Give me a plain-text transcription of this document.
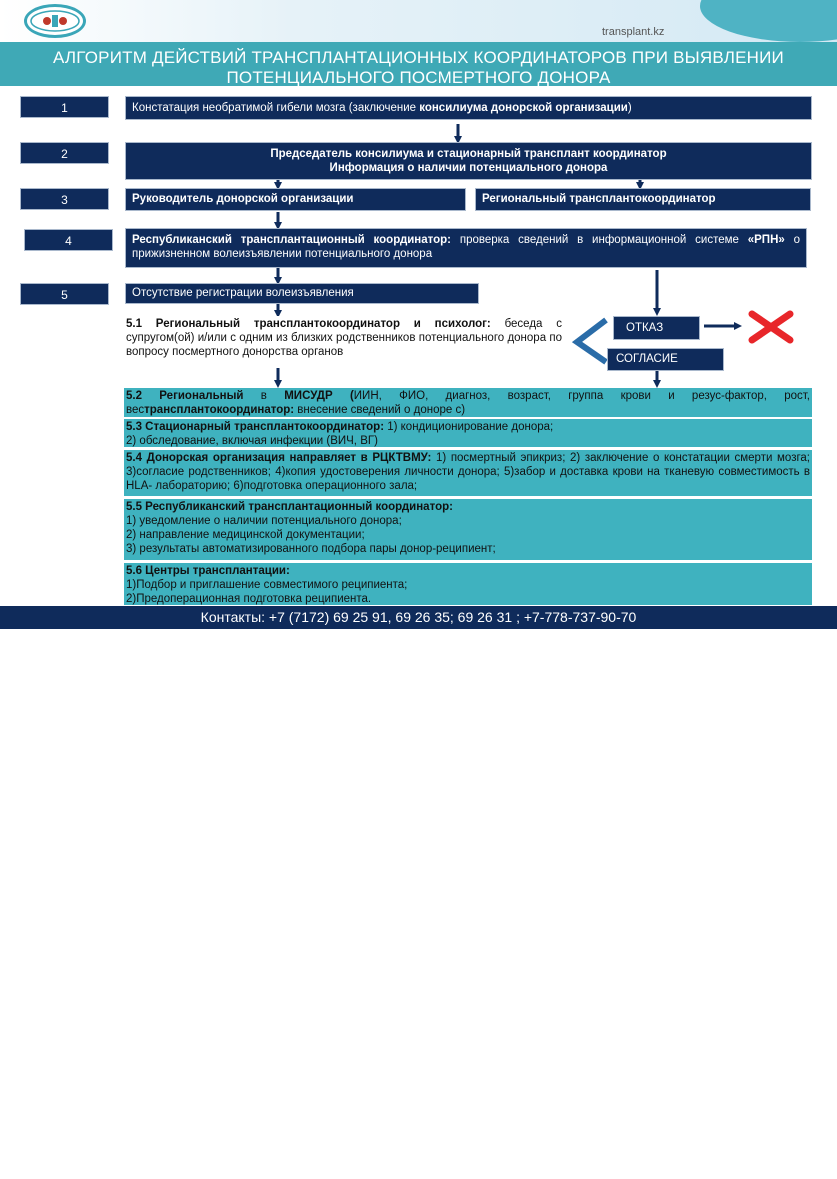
transplant.kz
АЛГОРИТМ ДЕЙСТВИЙ ТРАНСПЛАНТАЦИОННЫХ КООРДИНАТОРОВ ПРИ ВЫЯВЛЕНИИ ПОТЕНЦИАЛЬНОГО ПОСМЕРТНОГО ДОНОРА
1	Констатация необратимой гибели мозга (заключение консилиума донорской организации)
2	Председатель консилиума и стационарный трансплант координатор
Информация о наличии потенциального донора
3	Руководитель донорской организации	Региональный трансплантокоординатор
4	Республиканский трансплантационный координатор: проверка сведений в информационной системе «РПН» о прижизненном волеизъявлении потенциального донора
5	Отсутствие регистрации волеизъявления
5.1 Региональный трансплантокоординатор и психолог: беседа с супругом(ой) и/или с одним из близких родственников потенциального донора по вопросу посмертного донорства органов
ОТКАЗ
СОГЛАСИЕ
5.2 Региональный в МИСУДР (ИИН, ФИО, диагноз, возраст, группа крови и резус-фактор, рост, вестрансплантокоординатор: внесение сведений о доноре с)
5.3 Стационарный трансплантокоординатор: 1) кондиционирование донора;
2) обследование, включая инфекции (ВИЧ, ВГ)
5.4 Донорская организация направляет в РЦКТВМУ: 1) посмертный эпикриз; 2) заключение о констатации смерти мозга; 3)согласие родственников; 4)копия удостоверения личности донора; 5)забор и доставка крови на тканевую совместимость в HLA- лабораторию; 6)подготовка операционного зала;
5.5 Республиканский трансплантационный координатор:
1) уведомление о наличии потенциального донора;
2) направление медицинской документации;
3) результаты автоматизированного подбора пары донор-реципиент;
5.6 Центры трансплантации:
1)Подбор и приглашение совместимого реципиента;
2)Предоперационная подготовка реципиента.
Контакты: +7 (7172) 69 25 91, 69 26 35; 69 26 31 ; +7-778-737-90-70
